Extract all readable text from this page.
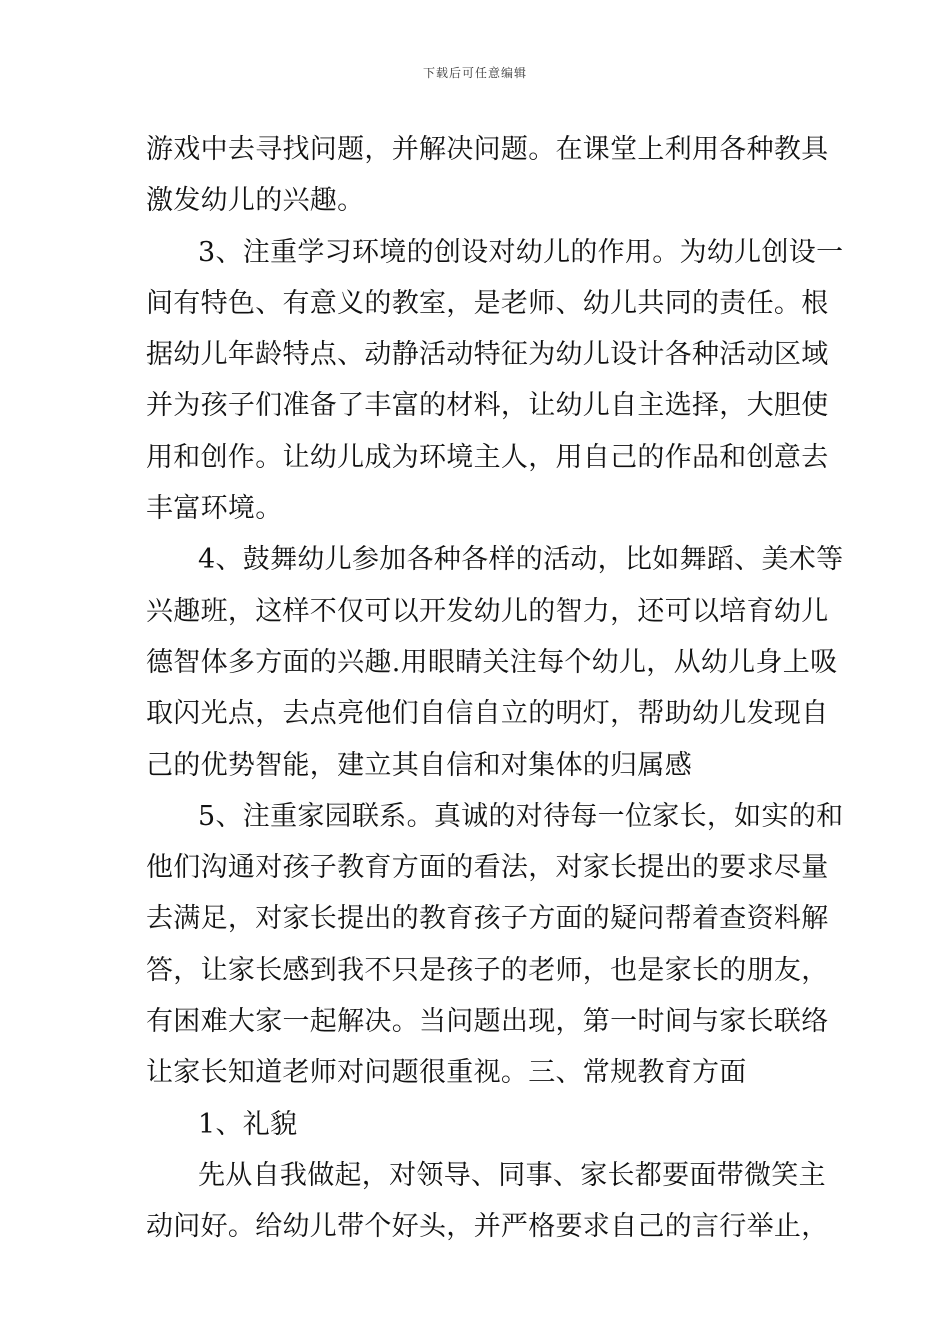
下载后可任意编辑
游戏中去寻找问题，并解决问题。在课堂上利用各种教具
激发幼儿的兴趣。
3、注重学习环境的创设对幼儿的作用。为幼儿创设一
间有特色、有意义的教室，是老师、幼儿共同的责任。根
据幼儿年龄特点、动静活动特征为幼儿设计各种活动区域
并为孩子们准备了丰富的材料，让幼儿自主选择，大胆使
用和创作。让幼儿成为环境主人，用自己的作品和创意去
丰富环境。
4、鼓舞幼儿参加各种各样的活动，比如舞蹈、美术等
兴趣班，这样不仅可以开发幼儿的智力，还可以培育幼儿
德智体多方面的兴趣.用眼睛关注每个幼儿，从幼儿身上吸
取闪光点，去点亮他们自信自立的明灯，帮助幼儿发现自
己的优势智能，建立其自信和对集体的归属感
5、注重家园联系。真诚的对待每一位家长，如实的和
他们沟通对孩子教育方面的看法，对家长提出的要求尽量
去满足，对家长提出的教育孩子方面的疑问帮着查资料解
答，让家长感到我不只是孩子的老师，也是家长的朋友，
有困难大家一起解决。当问题出现，第一时间与家长联络
让家长知道老师对问题很重视。三、常规教育方面
1、礼貌
先从自我做起，对领导、同事、家长都要面带微笑主
动问好。给幼儿带个好头，并严格要求自己的言行举止，
